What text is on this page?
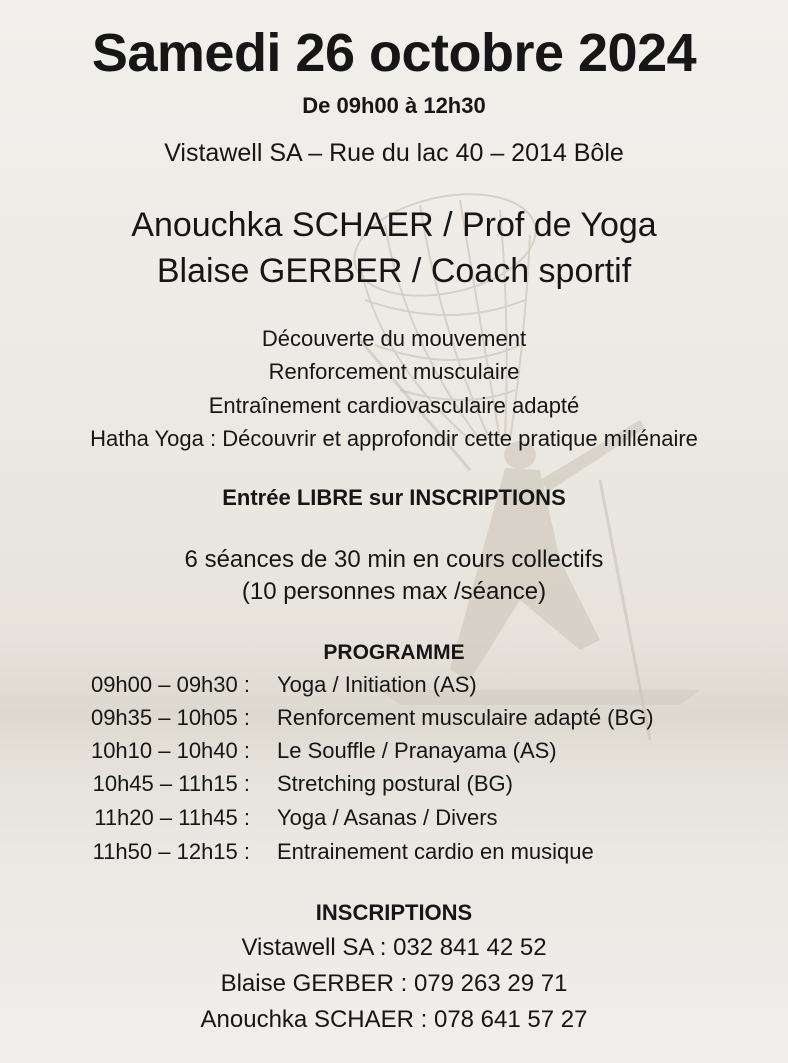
Samedi 26 octobre 2024
De 09h00 à 12h30
Vistawell SA – Rue du lac 40 – 2014 Bôle
Anouchka SCHAER / Prof de Yoga
Blaise GERBER / Coach sportif
Découverte du mouvement
Renforcement musculaire
Entraînement cardiovasculaire adapté
Hatha Yoga : Découvrir et approfondir cette pratique millénaire
Entrée LIBRE sur INSCRIPTIONS
6 séances de 30 min en cours collectifs
(10 personnes max /séance)
PROGRAMME
09h00 – 09h30 : Yoga / Initiation (AS)
09h35 – 10h05 : Renforcement musculaire adapté (BG)
10h10 – 10h40 : Le Souffle / Pranayama (AS)
10h45 – 11h15 : Stretching postural (BG)
11h20 – 11h45 : Yoga / Asanas / Divers
11h50 – 12h15 : Entrainement cardio en musique
INSCRIPTIONS
Vistawell SA : 032 841 42 52
Blaise GERBER : 079 263 29 71
Anouchka SCHAER : 078 641 57 27
